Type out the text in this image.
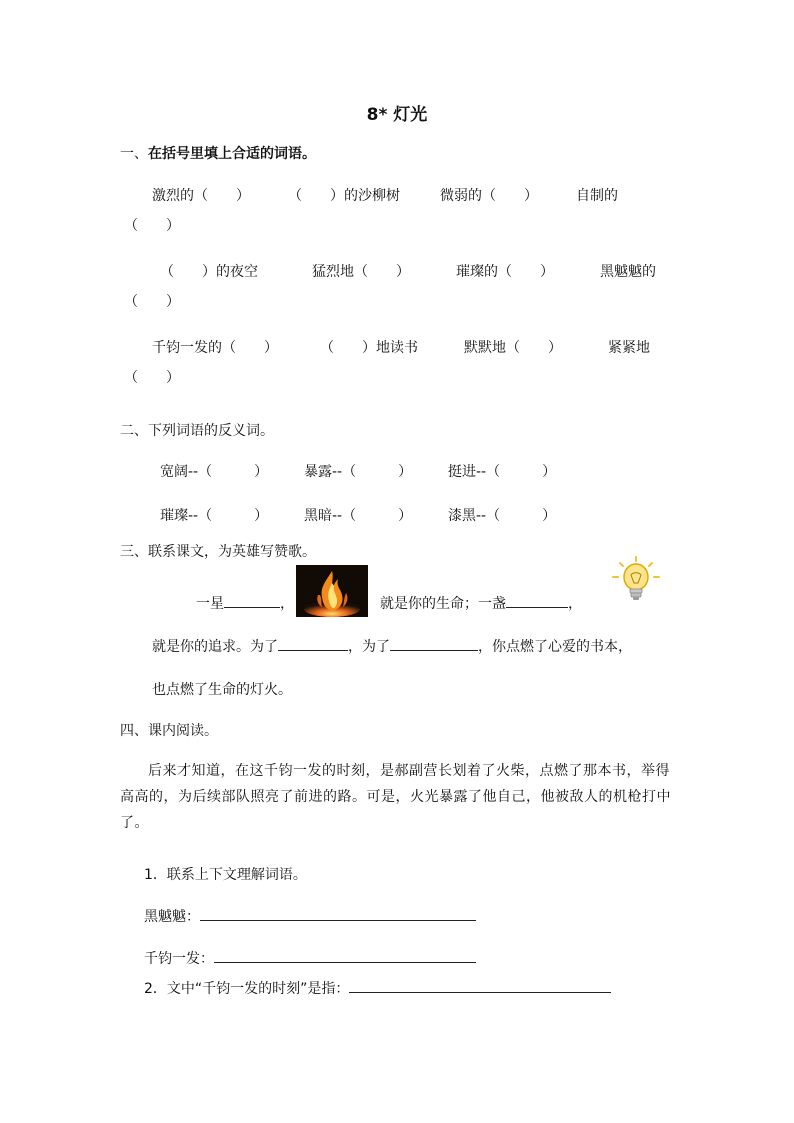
8* 灯光
一、在括号里填上合适的词语。
激烈的（　　）	（　　）的沙柳树	微弱的（　　）	自制的
（　　）
（　　）的夜空	猛烈地（　　）	璀璨的（　　）	黑魆魆的
（　　）
千钧一发的（　　）	（　　）地读书	默默地（　　）	紧紧地
（　　）
二、下列词语的反义词。
宽阔--（　　　）	暴露--（　　　）	挺进--（　　　）
璀璨--（　　　）	黑暗--（　　　）	漆黑--（　　　）
三、联系课文，为英雄写赞歌。
一星	，	就是你的生命；一盏	，
就是你的追求。为了	，为了	，你点燃了心爱的书本，
也点燃了生命的灯火。
四、课内阅读。

后来才知道，在这千钧一发的时刻，是郝副营长划着了火柴，点燃了那本书，举得高高的，为后续部队照亮了前进的路。可是，火光暴露了他自己，他被敌人的机枪打中了。

1．联系上下文理解词语。
黑魆魆：
千钧一发：
2．文中“千钧一发的时刻”是指：
